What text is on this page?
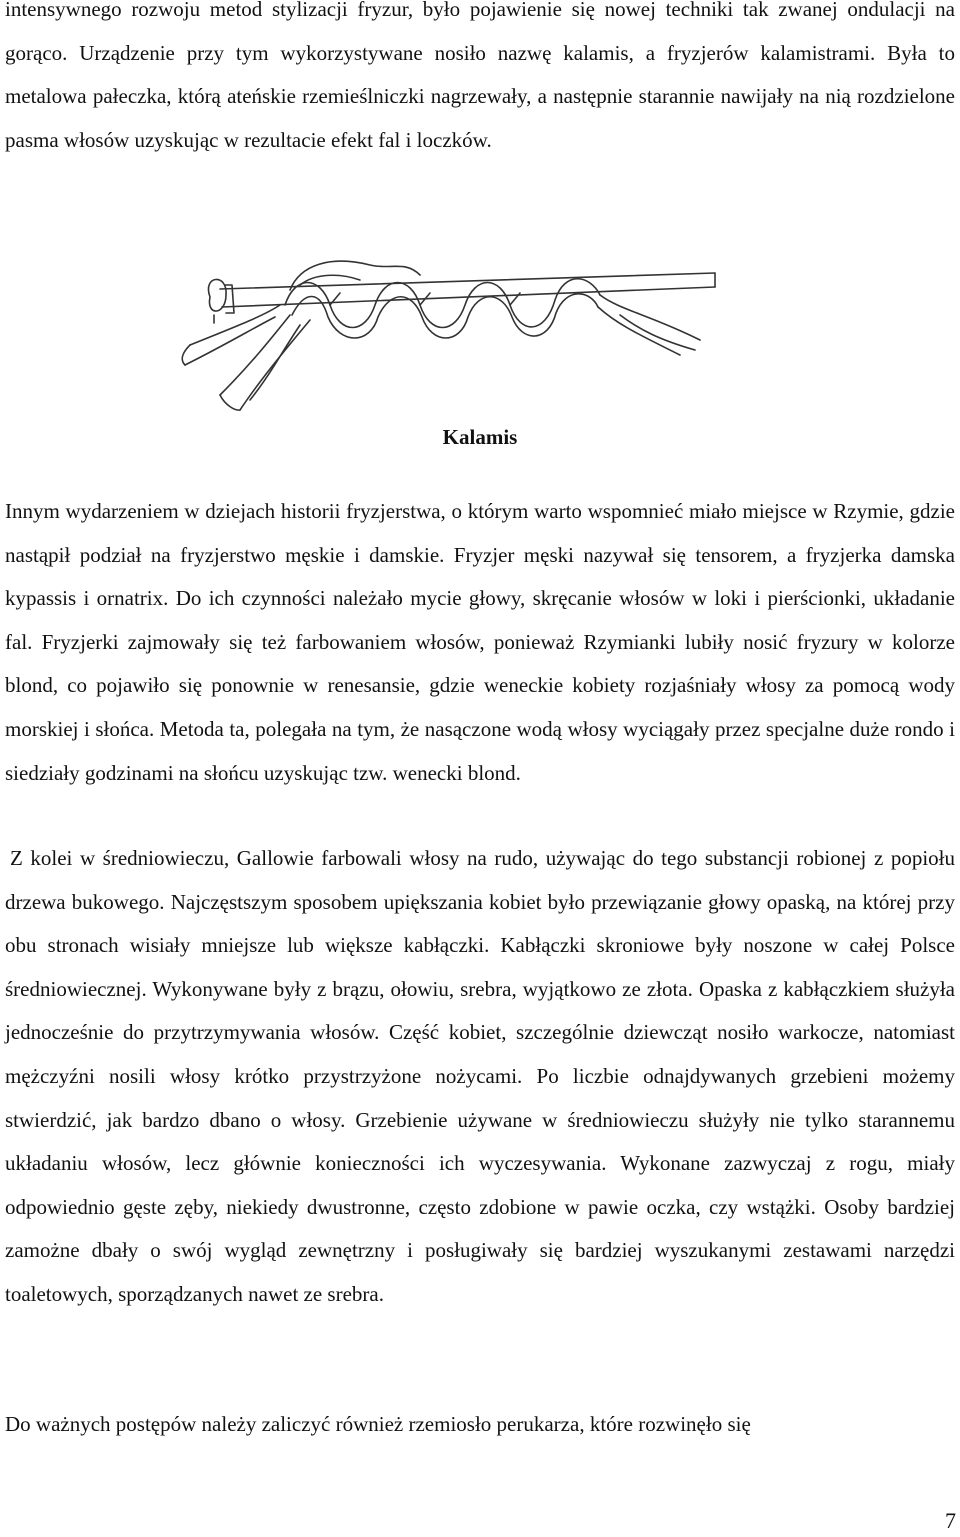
intensywnego rozwoju metod stylizacji fryzur, było pojawienie się nowej techniki tak zwanej ondulacji na gorąco. Urządzenie przy tym wykorzystywane nosiło nazwę kalamis, a fryzjerów kalamistrami. Była to metalowa pałeczka, którą ateńskie rzemieślniczki nagrzewały, a następnie starannie nawijały na nią rozdzielone pasma włosów uzyskując w rezultacie efekt fal i loczków.

Kalamis

Innym wydarzeniem w dziejach historii fryzjerstwa, o którym warto wspomnieć miało miejsce w Rzymie, gdzie nastąpił podział na fryzjerstwo męskie i damskie. Fryzjer męski nazywał się tensorem, a fryzjerka damska kypassis i ornatrix. Do ich czynności należało mycie głowy, skręcanie włosów w loki i pierścionki, układanie fal. Fryzjerki zajmowały się też farbowaniem włosów, ponieważ Rzymianki lubiły nosić fryzury w kolorze blond, co pojawiło się ponownie w renesansie, gdzie weneckie kobiety rozjaśniały włosy za pomocą wody morskiej i słońca. Metoda ta, polegała na tym, że nasączone wodą włosy wyciągały przez specjalne duże rondo i siedziały godzinami na słońcu uzyskując tzw. wenecki blond.

Z kolei w średniowieczu, Gallowie farbowali włosy na rudo, używając do tego substancji robionej z popiołu drzewa bukowego. Najczęstszym sposobem upiększania kobiet było przewiązanie głowy opaską, na której przy obu stronach wisiały mniejsze lub większe kabłączki. Kabłączki skroniowe były noszone w całej Polsce średniowiecznej. Wykonywane były z brązu, ołowiu, srebra, wyjątkowo ze złota. Opaska z kabłączkiem służyła jednocześnie do przytrzymywania włosów. Część kobiet, szczególnie dziewcząt nosiło warkocze, natomiast mężczyźni nosili włosy krótko przystrzyżone nożycami. Po liczbie odnajdywanych grzebieni możemy stwierdzić, jak bardzo dbano o włosy. Grzebienie używane w średniowieczu służyły nie tylko starannemu układaniu włosów, lecz głównie konieczności ich wyczesywania. Wykonane zazwyczaj z rogu, miały odpowiednio gęste zęby, niekiedy dwustronne, często zdobione w pawie oczka, czy wstążki. Osoby bardziej zamożne dbały o swój wygląd zewnętrzny i posługiwały się bardziej wyszukanymi zestawami narzędzi toaletowych, sporządzanych nawet ze srebra.

Do ważnych postępów należy zaliczyć również rzemiosło perukarza, które rozwinęło się

7
